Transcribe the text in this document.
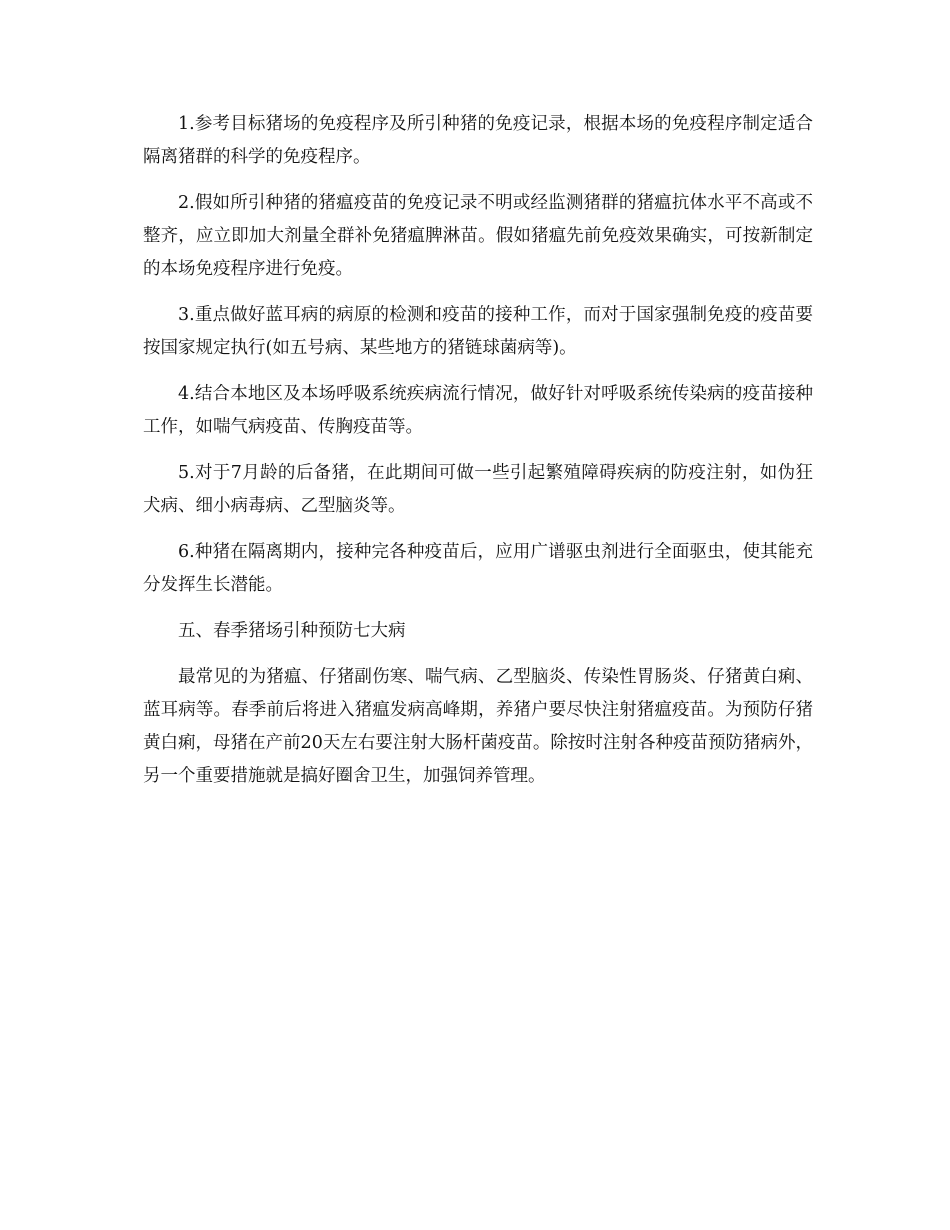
1.参考目标猪场的免疫程序及所引种猪的免疫记录，根据本场的免疫程序制定适合隔离猪群的科学的免疫程序。

2.假如所引种猪的猪瘟疫苗的免疫记录不明或经监测猪群的猪瘟抗体水平不高或不整齐，应立即加大剂量全群补免猪瘟脾淋苗。假如猪瘟先前免疫效果确实，可按新制定的本场免疫程序进行免疫。

3.重点做好蓝耳病的病原的检测和疫苗的接种工作，而对于国家强制免疫的疫苗要按国家规定执行(如五号病、某些地方的猪链球菌病等)。

4.结合本地区及本场呼吸系统疾病流行情况，做好针对呼吸系统传染病的疫苗接种工作，如喘气病疫苗、传胸疫苗等。

5.对于7月龄的后备猪，在此期间可做一些引起繁殖障碍疾病的防疫注射，如伪狂犬病、细小病毒病、乙型脑炎等。

6.种猪在隔离期内，接种完各种疫苗后，应用广谱驱虫剂进行全面驱虫，使其能充分发挥生长潜能。

五、春季猪场引种预防七大病

最常见的为猪瘟、仔猪副伤寒、喘气病、乙型脑炎、传染性胃肠炎、仔猪黄白痢、蓝耳病等。春季前后将进入猪瘟发病高峰期，养猪户要尽快注射猪瘟疫苗。为预防仔猪黄白痢，母猪在产前20天左右要注射大肠杆菌疫苗。除按时注射各种疫苗预防猪病外，另一个重要措施就是搞好圈舍卫生，加强饲养管理。
